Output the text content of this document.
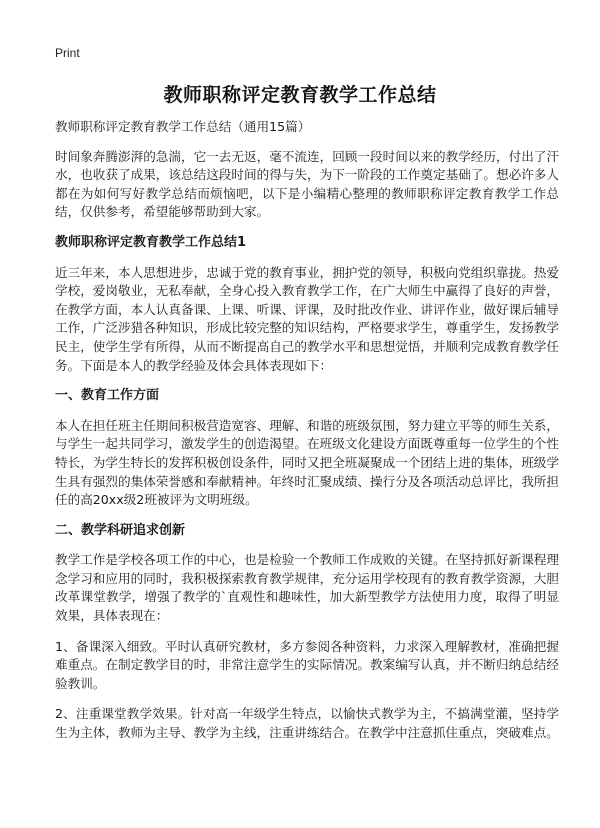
Print
教师职称评定教育教学工作总结

教师职称评定教育教学工作总结（通用15篇）

时间象奔腾澎湃的急湍，它一去无返，毫不流连，回顾一段时间以来的教学经历，付出了汗水，也收获了成果，该总结这段时间的得与失，为下一阶段的工作奠定基础了。想必许多人都在为如何写好教学总结而烦恼吧，以下是小编精心整理的教师职称评定教育教学工作总结，仅供参考，希望能够帮助到大家。

教师职称评定教育教学工作总结1

近三年来，本人思想进步，忠诚于党的教育事业，拥护党的领导，积极向党组织靠拢。热爱学校，爱岗敬业，无私奉献，全身心投入教育教学工作，在广大师生中赢得了良好的声誉，在教学方面，本人认真备课、上课、听课、评课，及时批改作业、讲评作业，做好课后辅导工作，广泛涉猎各种知识，形成比较完整的知识结构，严格要求学生，尊重学生，发扬教学民主，使学生学有所得，从而不断提高自己的教学水平和思想觉悟，并顺利完成教育教学任务。下面是本人的教学经验及体会具体表现如下：

一、教育工作方面

本人在担任班主任期间积极营造宽容、理解、和谐的班级氛围，努力建立平等的师生关系，与学生一起共同学习，激发学生的创造渴望。在班级文化建设方面既尊重每一位学生的个性特长，为学生特长的发挥积极创设条件，同时又把全班凝聚成一个团结上进的集体，班级学生具有强烈的集体荣誉感和奉献精神。年终时汇聚成绩、操行分及各项活动总评比，我所担任的高20xx级2班被评为文明班级。

二、教学科研追求创新

教学工作是学校各项工作的中心，也是检验一个教师工作成败的关键。在坚持抓好新课程理念学习和应用的同时，我积极探索教育教学规律，充分运用学校现有的教育教学资源，大胆改革课堂教学，增强了教学的`直观性和趣味性，加大新型教学方法使用力度，取得了明显效果，具体表现在：

1、备课深入细致。平时认真研究教材，多方参阅各种资料，力求深入理解教材，准确把握难重点。在制定教学目的时，非常注意学生的实际情况。教案编写认真，并不断归纳总结经验教训。

2、注重课堂教学效果。针对高一年级学生特点，以愉快式教学为主，不搞满堂灌，坚持学生为主体，教师为主导、教学为主线，注重讲练结合。在教学中注意抓住重点，突破难点。
